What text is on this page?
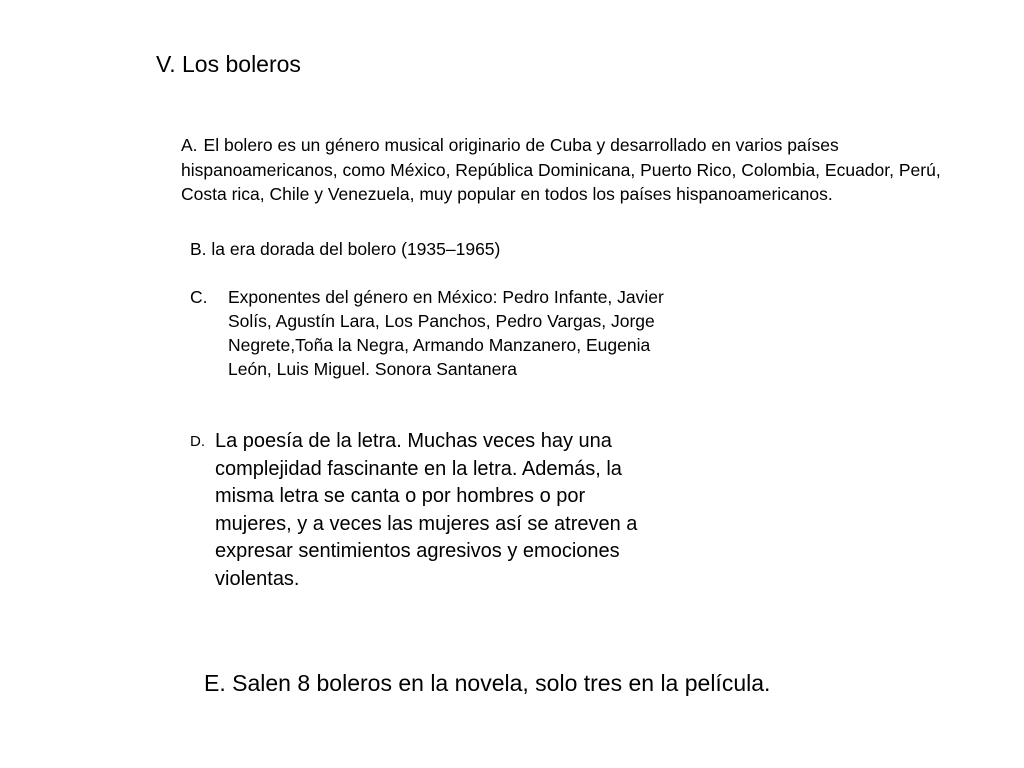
V. Los boleros

A. El bolero es un género musical originario de Cuba y desarrollado en varios países hispanoamericanos, como México, República Dominicana, Puerto Rico, Colombia, Ecuador, Perú, Costa rica, Chile y Venezuela, muy popular en todos los países hispanoamericanos.

B. la era dorada del bolero (1935–1965)

C.	Exponentes del género en México: Pedro Infante, Javier Solís, Agustín Lara, Los Panchos, Pedro Vargas, Jorge Negrete,Toña la Negra, Armando Manzanero, Eugenia León, Luis Miguel. Sonora Santanera
D. La poesía de la letra. Muchas veces hay una complejidad fascinante en la letra. Además, la misma letra se canta o por hombres o por mujeres, y a veces las mujeres así se atreven a expresar sentimientos agresivos y emociones violentas.

E. Salen 8 boleros en la novela, solo tres en la película.
